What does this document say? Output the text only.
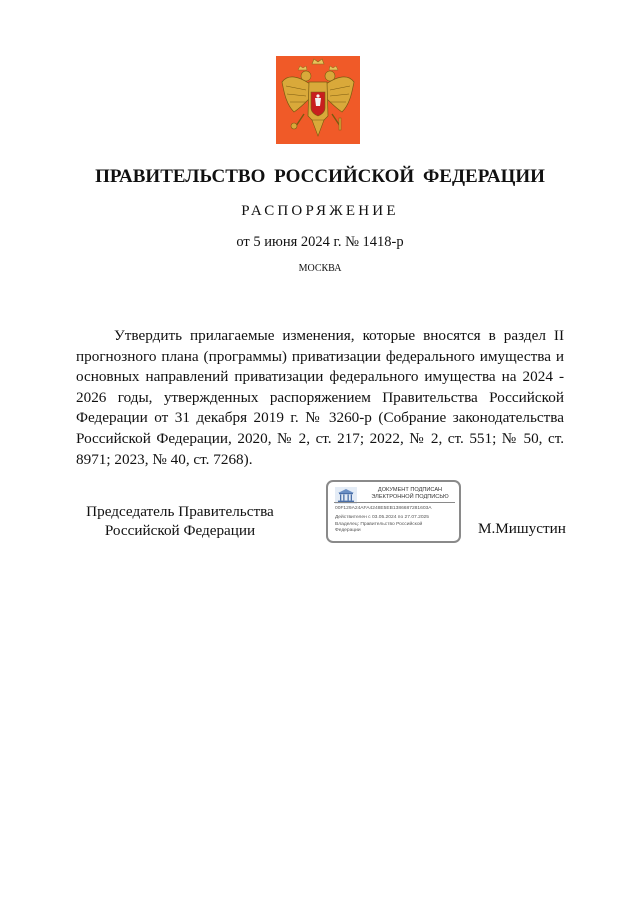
ПРАВИТЕЛЬСТВО РОССИЙСКОЙ ФЕДЕРАЦИИ
РАСПОРЯЖЕНИЕ
от 5 июня 2024 г. № 1418-р
МОСКВА

Утвердить прилагаемые изменения, которые вносятся в раздел II прогнозного плана (программы) приватизации федерального имущества и основных направлений приватизации федерального имущества на 2024 - 2026 годы, утвержденных распоряжением Правительства Российской Федерации от 31 декабря 2019 г. № 3260-р (Собрание законодательства Российской Федерации, 2020, № 2, ст. 217; 2022, № 2, ст. 551; № 50, ст. 8971; 2023, № 40, ст. 7268).

Председатель Правительства
Российской Федерации
ДОКУМЕНТ ПОДПИСАН
ЭЛЕКТРОННОЙ ПОДПИСЬЮ
00F129A24AFA4248E5EB1386687281603A
Действителен с 03.05.2024 по 27.07.2025
Владелец: Правительство Российской
Федерации	М.Мишустин
